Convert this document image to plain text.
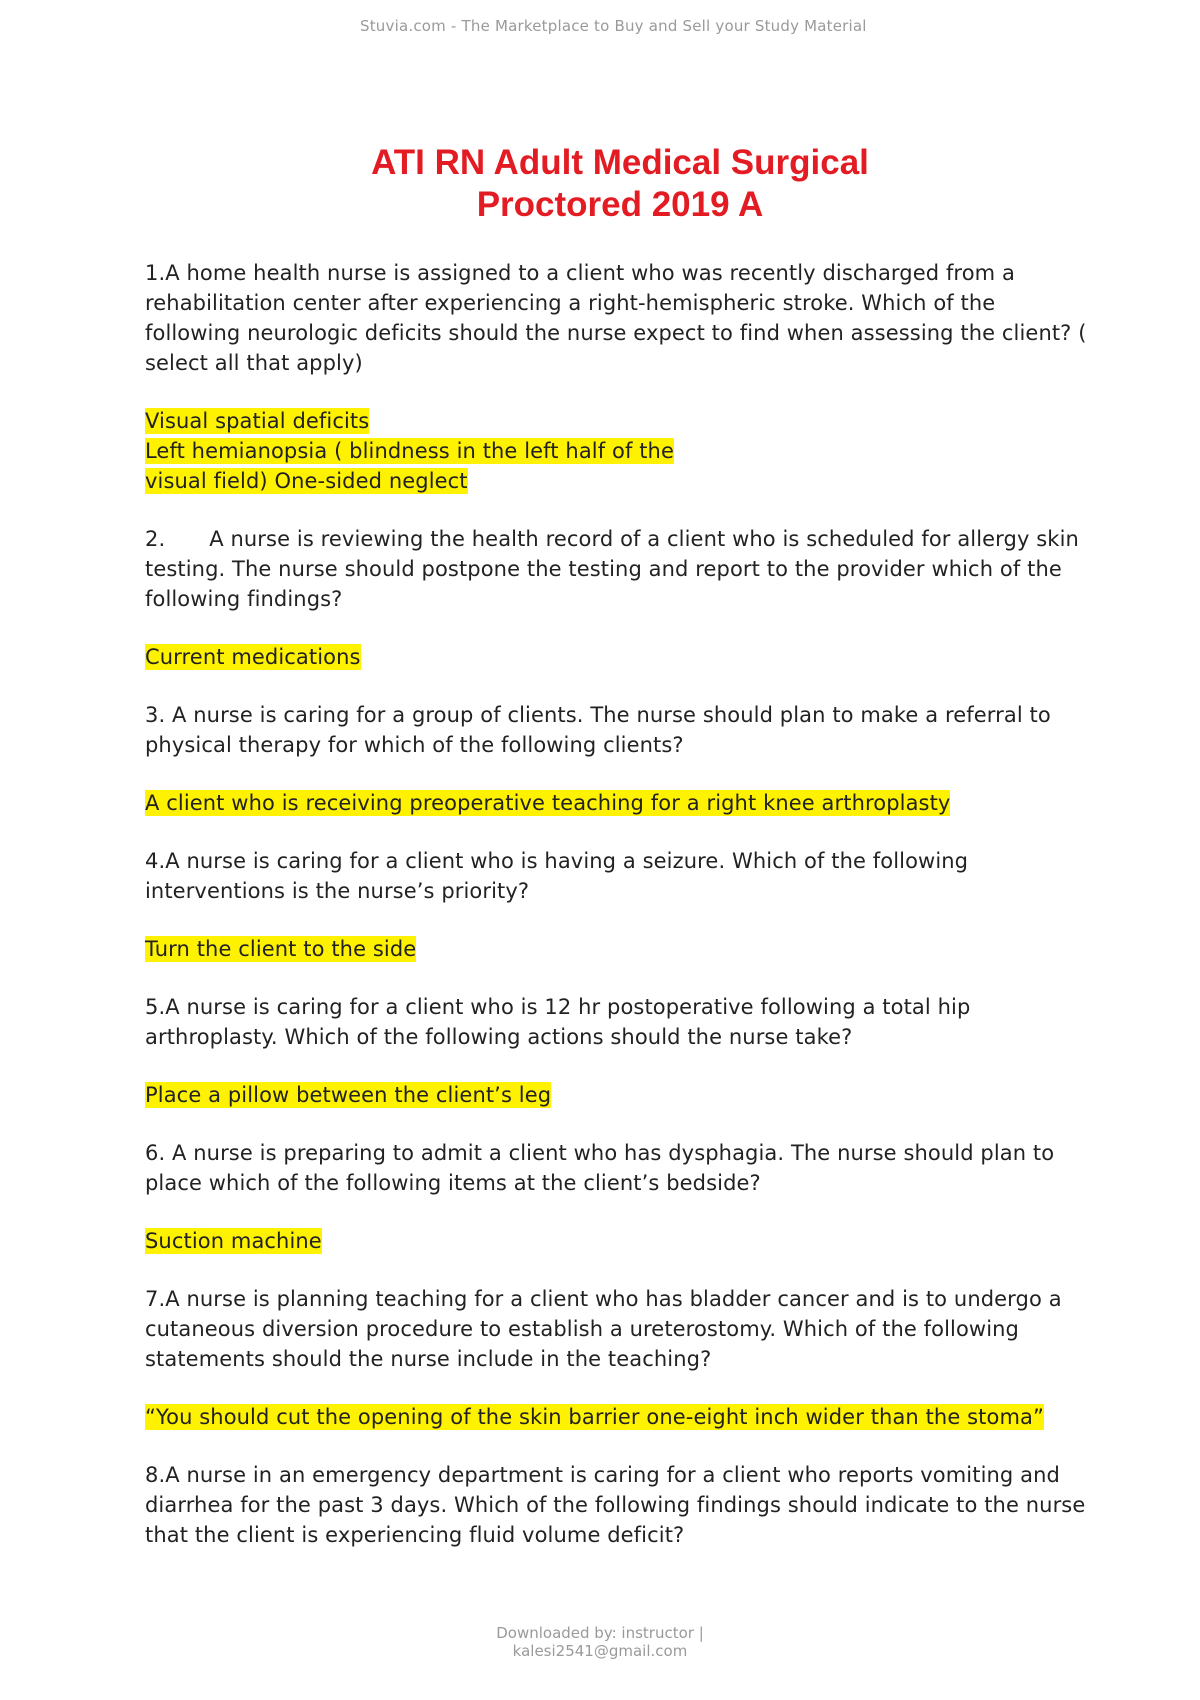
Stuvia.com - The Marketplace to Buy and Sell your Study Material
ATI RN Adult Medical Surgical
Proctored 2019 A
1.A home health nurse is assigned to a client who was recently discharged from a rehabilitation center after experiencing a right-hemispheric stroke. Which of the following neurologic deficits should the nurse expect to find when assessing the client? ( select all that apply)
Visual spatial deficits
Left hemianopsia ( blindness in the left half of the
visual field) One-sided neglect
2. A nurse is reviewing the health record of a client who is scheduled for allergy skin testing. The nurse should postpone the testing and report to the provider which of the following findings?
Current medications
3. A nurse is caring for a group of clients. The nurse should plan to make a referral to physical therapy for which of the following clients?
A client who is receiving preoperative teaching for a right knee arthroplasty
4.A nurse is caring for a client who is having a seizure. Which of the following interventions is the nurse’s priority?
Turn the client to the side
5.A nurse is caring for a client who is 12 hr postoperative following a total hip arthroplasty. Which of the following actions should the nurse take?
Place a pillow between the client’s leg
6. A nurse is preparing to admit a client who has dysphagia. The nurse should plan to place which of the following items at the client’s bedside?
Suction machine
7.A nurse is planning teaching for a client who has bladder cancer and is to undergo a cutaneous diversion procedure to establish a ureterostomy. Which of the following statements should the nurse include in the teaching?
“You should cut the opening of the skin barrier one-eight inch wider than the stoma”
8.A nurse in an emergency department is caring for a client who reports vomiting and diarrhea for the past 3 days. Which of the following findings should indicate to the nurse that the client is experiencing fluid volume deficit?
Downloaded by: instructor |
kalesi2541@gmail.com
